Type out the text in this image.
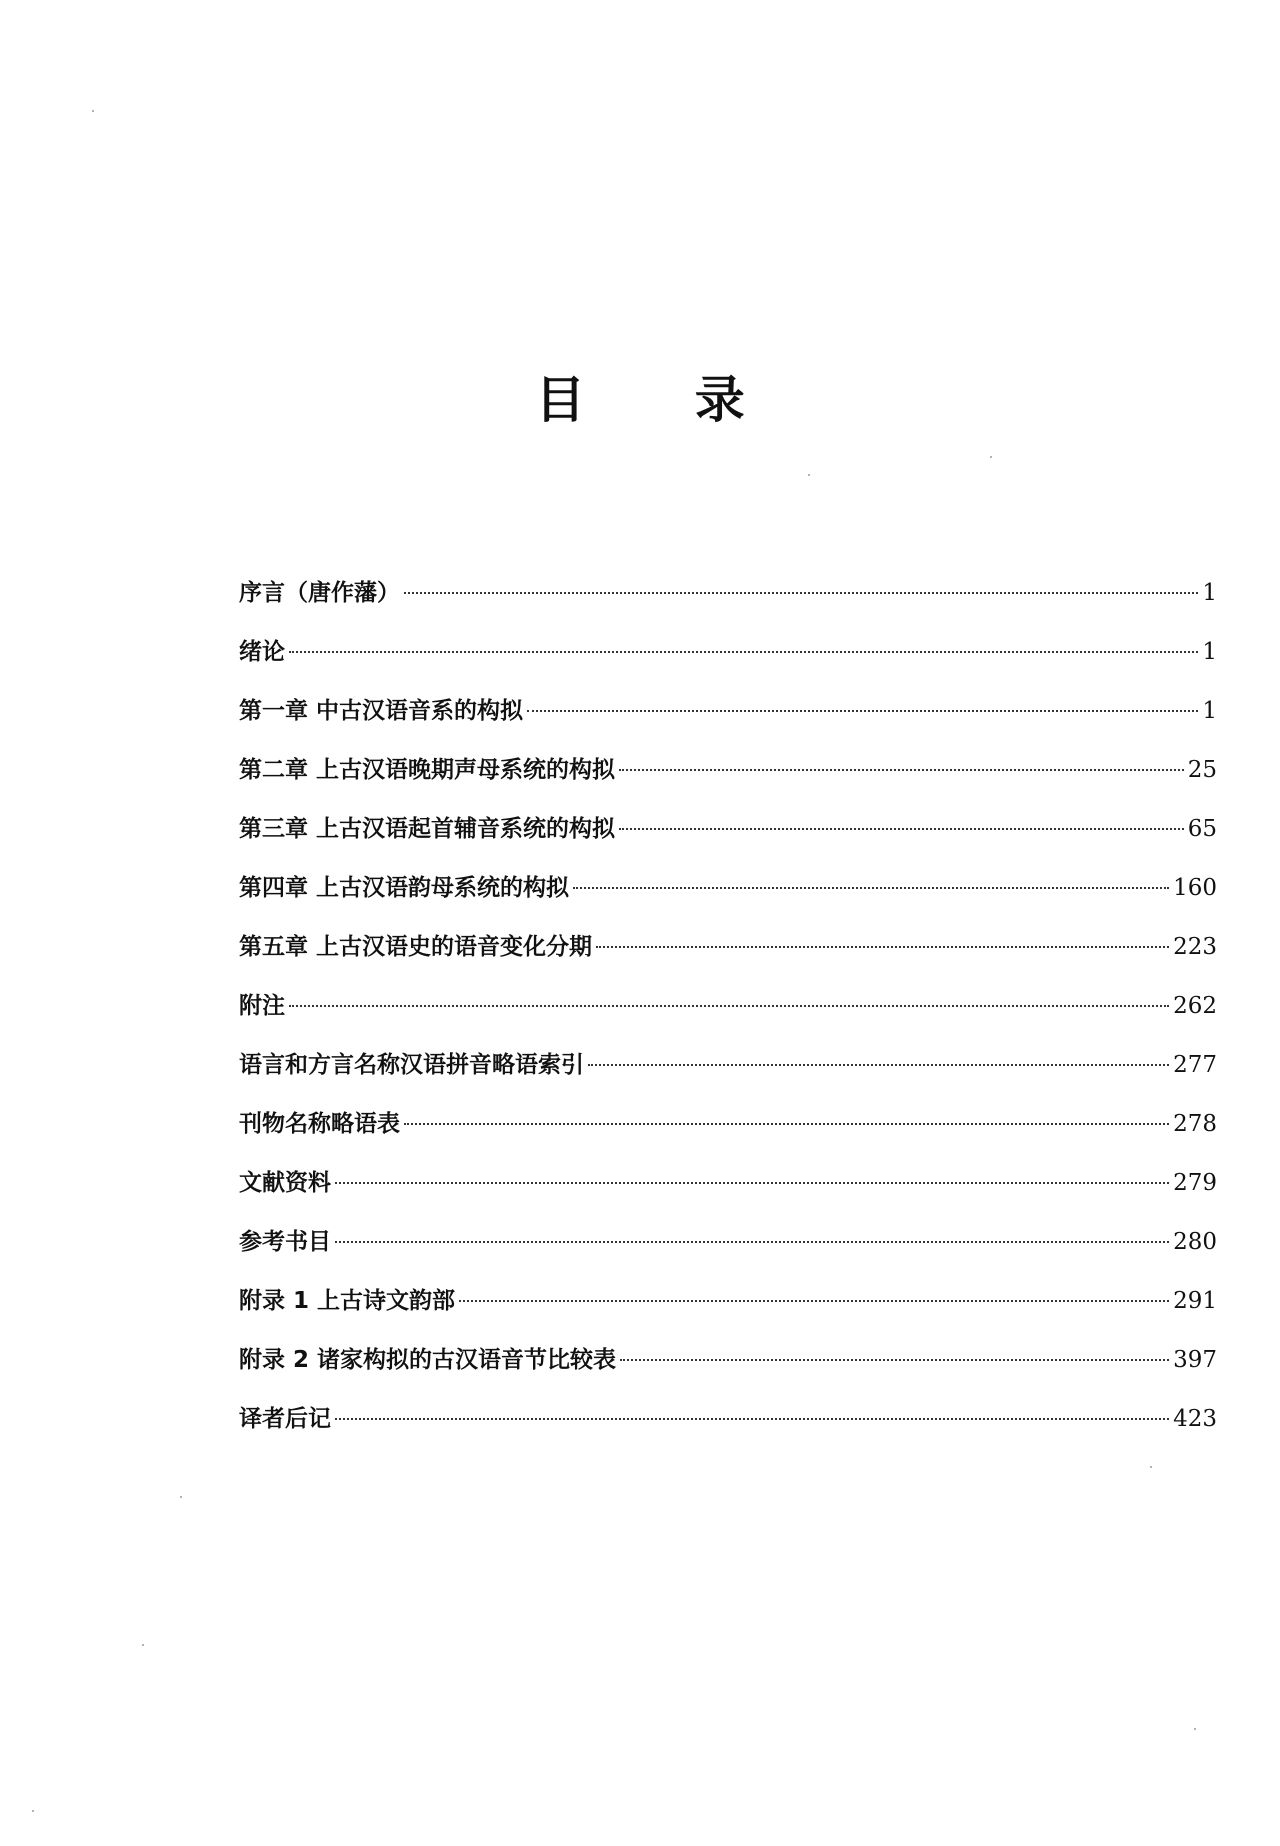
目 录
序言（唐作藩）	1
绪论	1
第一章 中古汉语音系的构拟	1
第二章 上古汉语晚期声母系统的构拟	25
第三章 上古汉语起首辅音系统的构拟	65
第四章 上古汉语韵母系统的构拟	160
第五章 上古汉语史的语音变化分期	223
附注	262
语言和方言名称汉语拼音略语索引	277
刊物名称略语表	278
文献资料	279
参考书目	280
附录 1 上古诗文韵部	291
附录 2 诸家构拟的古汉语音节比较表	397
译者后记	423
